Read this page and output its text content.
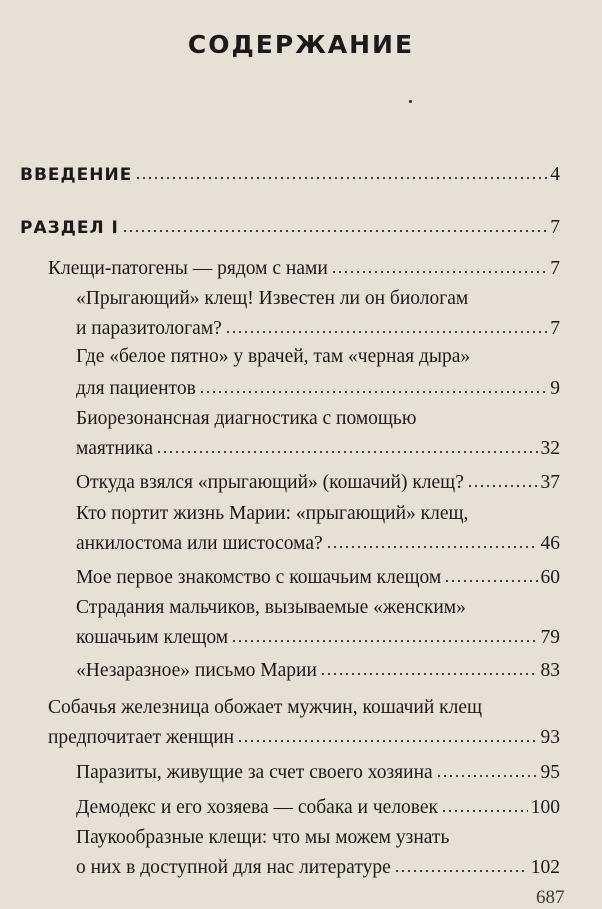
СОДЕРЖАНИЕ
ВВЕДЕНИЕ	4
РАЗДЕЛ I	7
Клещи-патогены — рядом с нами	7
«Прыгающий» клещ! Известен ли он биологам
и паразитологам?	7
Где «белое пятно» у врачей, там «черная дыра»
для пациентов	9
Биорезонансная диагностика с помощью
маятника	32
Откуда взялся «прыгающий» (кошачий) клещ?	37
Кто портит жизнь Марии: «прыгающий» клещ,
анкилостома или шистосома?	46
Мое первое знакомство с кошачьим клещом	60
Страдания мальчиков, вызываемые «женским»
кошачьим клещом	79
«Незаразное» письмо Марии	83
Собачья железница обожает мужчин, кошачий клещ
предпочитает женщин	93
Паразиты, живущие за счет своего хозяина	95
Демодекс и его хозяева — собака и человек	100
Паукообразные клещи: что мы можем узнать
о них в доступной для нас литературе	102
687
